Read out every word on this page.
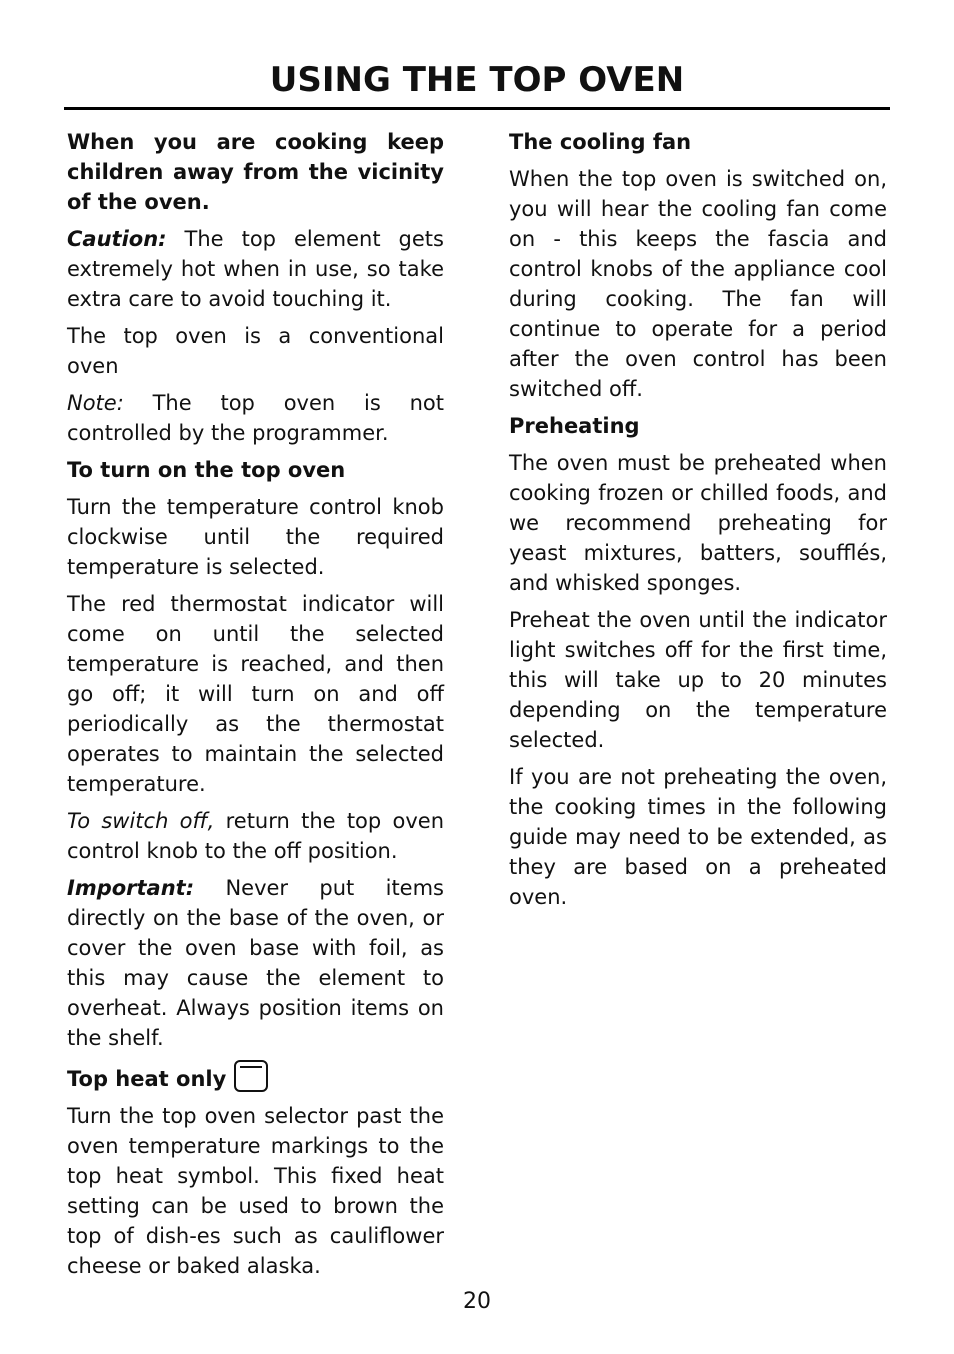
USING THE TOP OVEN

When you are cooking keep children away from the vicinity of the oven.

Caution: The top element gets extremely hot when in use, so take extra care to avoid touching it.

The top oven is a conventional oven

Note: The top oven is not controlled by the programmer.

To turn on the top oven

Turn the temperature control knob clockwise until the required temperature is selected.

The red thermostat indicator will come on until the selected temperature is reached, and then go off; it will turn on and off periodically as the thermostat operates to maintain the selected temperature.

To switch off, return the top oven control knob to the off position.

Important: Never put items directly on the base of the oven, or cover the oven base with foil, as this may cause the element to overheat. Always position items on the shelf.

Top heat only

Turn the top oven selector past the oven temperature markings to the top heat symbol. This fixed heat setting can be used to brown the top of dish-es such as cauliflower cheese or baked alaska.

The cooling fan

When the top oven is switched on, you will hear the cooling fan come on - this keeps the fascia and control knobs of the appliance cool during cooking. The fan will continue to operate for a period after the oven control has been switched off.

Preheating

The oven must be preheated when cooking frozen or chilled foods, and we recommend preheating for yeast mixtures, batters, soufflés, and whisked sponges.

Preheat the oven until the indicator light switches off for the first time, this will take up to 20 minutes depending on the temperature selected.

If you are not preheating the oven, the cooking times in the following guide may need to be extended, as they are based on a preheated oven.

20
